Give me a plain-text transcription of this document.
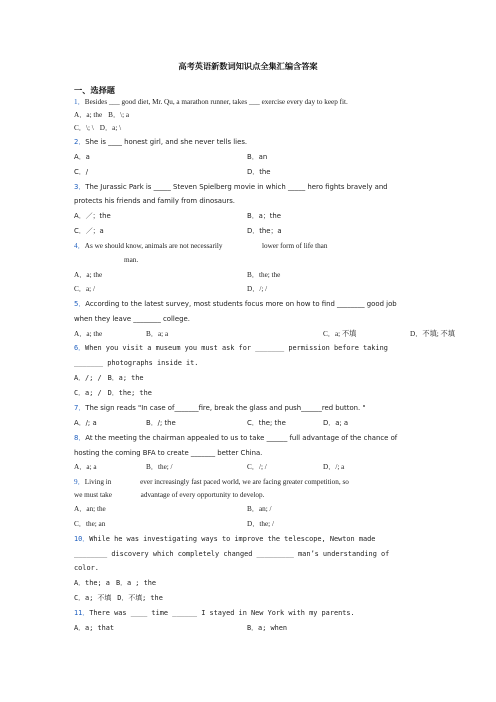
高考英语新数词知识点全集汇编含答案
一、选择题
1．Besides ___ good diet, Mr. Qu, a marathon runner, takes ___ exercise every day to keep fit.
A．a; the B．\; a
C．\; \ D．a; \
2．She is ____ honest girl, and she never tells lies.
A．a	B．an
C．/	D．the
3．The Jurassic Park is _____ Steven Spielberg movie in which _____ hero fights bravely and
protects his friends and family from dinosaurs.
A．／；the	B．a；the
C．／；a	D．the；a
4．As we should know, animals are not necessarily                      lower form of life than
man.
A．a; the	B．the; the
C．a; /	D．/; /
5．According to the latest survey, most students focus more on how to find ________ good job
when they leave ________ college.
A．a; the	B．a; a	C．a; 不填	D．不填; 不填
6．When you visit a museum you must ask for _______ permission before taking
_______ photographs inside it.
A．/; / B．a; the
C．a; / D．the; the
7．The sign reads "In case of_______fire, break the glass and push______red button. "
A．/; a	B．/; the	C．the; the	D．a; a
8．At the meeting the chairman appealed to us to take ______ full advantage of the chance of
hosting the coming BFA to create _______ better China.
A．a; a	B．the; /	C．/; /	D．/; a
9．Living in                ever increasingly fast paced world, we are facing greater competition, so
we must take                advantage of every opportunity to develop.
A．an; the	B．an; /
C．the; an	D．the; /
10．While he was investigating ways to improve the telescope, Newton made
________ discovery which completely changed _________ man’s understanding of
color.
A．the; a B．a ; the
C．a; 不填 D．不填; the
11．There was ____ time ______ I stayed in New York with my parents.
A．a; that	B．a; when
